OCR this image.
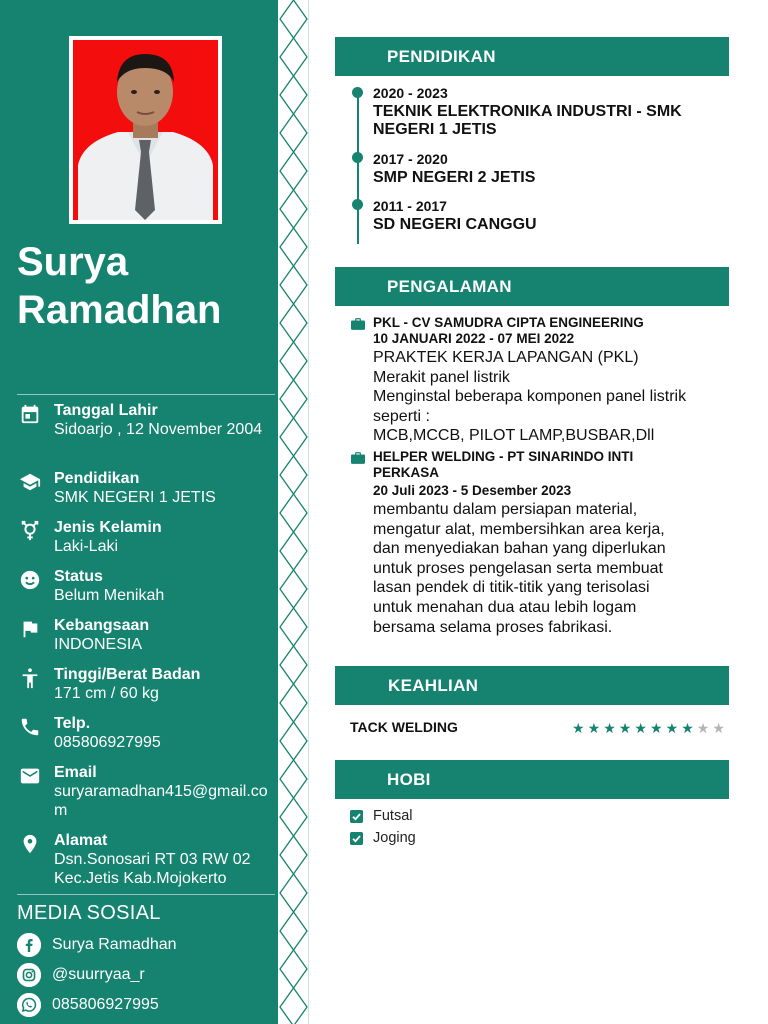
Surya
Ramadhan
Tanggal Lahir
Sidoarjo , 12 November 2004
Pendidikan
SMK NEGERI 1 JETIS
Jenis Kelamin
Laki-Laki
Status
Belum Menikah
Kebangsaan
INDONESIA
Tinggi/Berat Badan
171 cm / 60 kg
Telp.
085806927995
Email
suryaramadhan415@gmail.com
Alamat
Dsn.Sonosari RT 03 RW 02 Kec.Jetis Kab.Mojokerto
MEDIA SOSIAL
Surya Ramadhan
@suurryaa_r
085806927995
PENDIDIKAN
2020 - 2023
TEKNIK ELEKTRONIKA INDUSTRI - SMK NEGERI 1 JETIS
2017 - 2020
SMP NEGERI 2 JETIS
2011 - 2017
SD NEGERI CANGGU
PENGALAMAN
PKL - CV SAMUDRA CIPTA ENGINEERING
10 JANUARI 2022 - 07 MEI 2022
PRAKTEK KERJA LAPANGAN (PKL)
Merakit panel listrik
Menginstal beberapa komponen panel listrik
seperti :
MCB,MCCB, PILOT LAMP,BUSBAR,Dll
HELPER WELDING - PT SINARINDO INTI PERKASA
20 Juli 2023 - 5 Desember 2023
membantu dalam persiapan material,
mengatur alat, membersihkan area kerja,
dan menyediakan bahan yang diperlukan
untuk proses pengelasan serta membuat
lasan pendek di titik-titik yang terisolasi
untuk menahan dua atau lebih logam
bersama selama proses fabrikasi.
KEAHLIAN
TACK WELDING	★ ★ ★ ★ ★ ★ ★ ★ ★ ★
HOBI
Futsal
Joging
